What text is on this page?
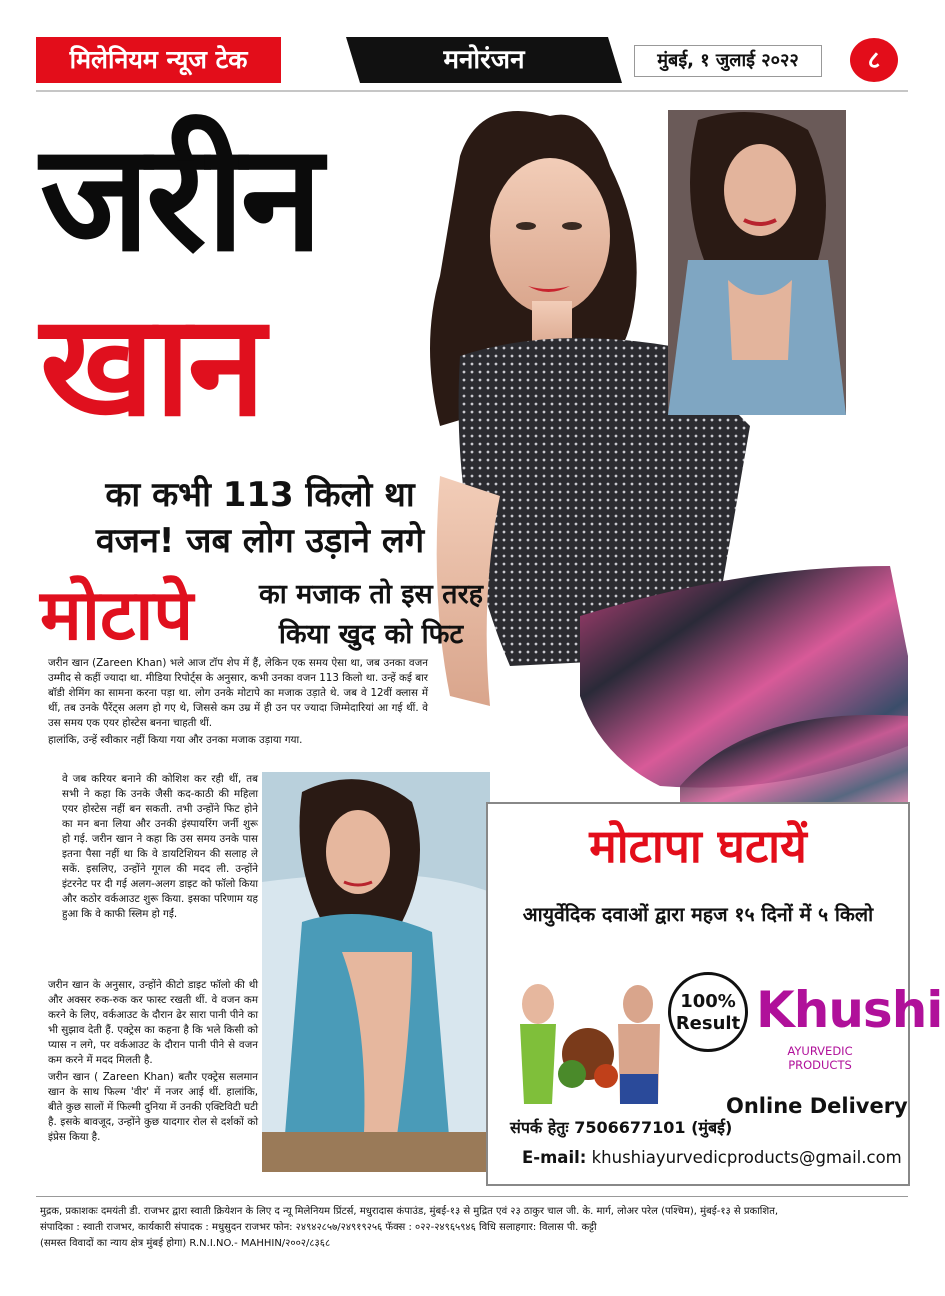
मिलेनियम न्यूज टेक	मनोरंजन	मुंबई, १ जुलाई २०२२	८
जरीन
खान
का कभी 113 किलो था
वजन! जब लोग उड़ाने लगे
मोटापे	का मजाक तो इस तरह
किया खुद को फिट

जरीन खान (Zareen Khan) भले आज टॉप शेप में हैं, लेकिन एक समय ऐसा था, जब उनका वजन उम्मीद से कहीं ज्यादा था. मीडिया रिपोर्ट्स के अनुसार, कभी उनका वजन 113 किलो था. उन्हें कई बार बॉडी शेमिंग का सामना करना पड़ा था. लोग उनके मोटापे का मजाक उड़ाते थे. जब वे 12वीं क्लास में थीं, तब उनके पैरेंट्स अलग हो गए थे, जिससे कम उम्र में ही उन पर ज्यादा जिम्मेदारियां आ गई थीं. वे उस समय एक एयर होस्टेस बनना चाहती थीं.

हालांकि, उन्हें स्वीकार नहीं किया गया और उनका मजाक उड़ाया गया.

वे जब करियर बनाने की कोशिश कर रही थीं, तब सभी ने कहा कि उनके जैसी कद-काठी की महिला एयर होस्टेस नहीं बन सकती. तभी उन्होंने फिट होने का मन बना लिया और उनकी इंस्पायरिंग जर्नी शुरू हो गई. जरीन खान ने कहा कि उस समय उनके पास इतना पैसा नहीं था कि वे डायटिशियन की सलाह ले सकें. इसलिए, उन्होंने गूगल की मदद ली. उन्होंने इंटरनेट पर दी गई अलग-अलग डाइट को फॉलो किया और कठोर वर्कआउट शुरू किया. इसका परिणाम यह हुआ कि वे काफी स्लिम हो गईं.

जरीन खान के अनुसार, उन्होंने कीटो डाइट फॉलो की थी और अक्सर रुक-रुक कर फास्ट रखती थीं. वे वजन कम करने के लिए, वर्कआउट के दौरान ढेर सारा पानी पीने का भी सुझाव देती हैं. एक्ट्रेस का कहना है कि भले किसी को प्यास न लगे, पर वर्कआउट के दौरान पानी पीने से वजन कम करने में मदद मिलती है.

जरीन खान ( Zareen Khan) बतौर एक्ट्रेस सलमान खान के साथ फिल्म 'वीर' में नजर आई थीं. हालांकि, बीते कुछ सालों में फिल्मी दुनिया में उनकी एक्टिविटी घटी है. इसके बावजूद, उन्होंने कुछ यादगार रोल से दर्शकों को इंप्रेस किया है.

मोटापा घटायें
आयुर्वेदिक दवाओं द्वारा महज १५ दिनों में ५ किलो
100%
Result Khushi
AYURVEDIC PRODUCTS
Online Delivery
संपर्क हेतुः 7506677101 (मुंबई)
E-mail: khushiayurvedicproducts@gmail.com
मुद्रक, प्रकाशकः दमयंती डी. राजभर द्वारा स्वाती क्रियेशन के लिए द न्यू मिलेनियम प्रिंटर्स, मधुरादास कंपाउंड, मुंबई-१३ से मुद्रित एवं २३ ठाकुर चाल जी. के. मार्ग, लोअर परेल (पश्चिम), मुंबई-१३ से प्रकाशित,
संपादिका : स्वाती राजभर, कार्यकारी संपादक : मधुसुदन राजभर फोन: २४९४२८५७/२४९१९२५६ फॅक्स : ०२२-२४९६५९४६ विधि सलाहगार: विलास पी. कट्टी
(समस्त विवादों का न्याय क्षेत्र मुंबई होगा) R.N.I.NO.- MAHHIN/२००२/८३६८
